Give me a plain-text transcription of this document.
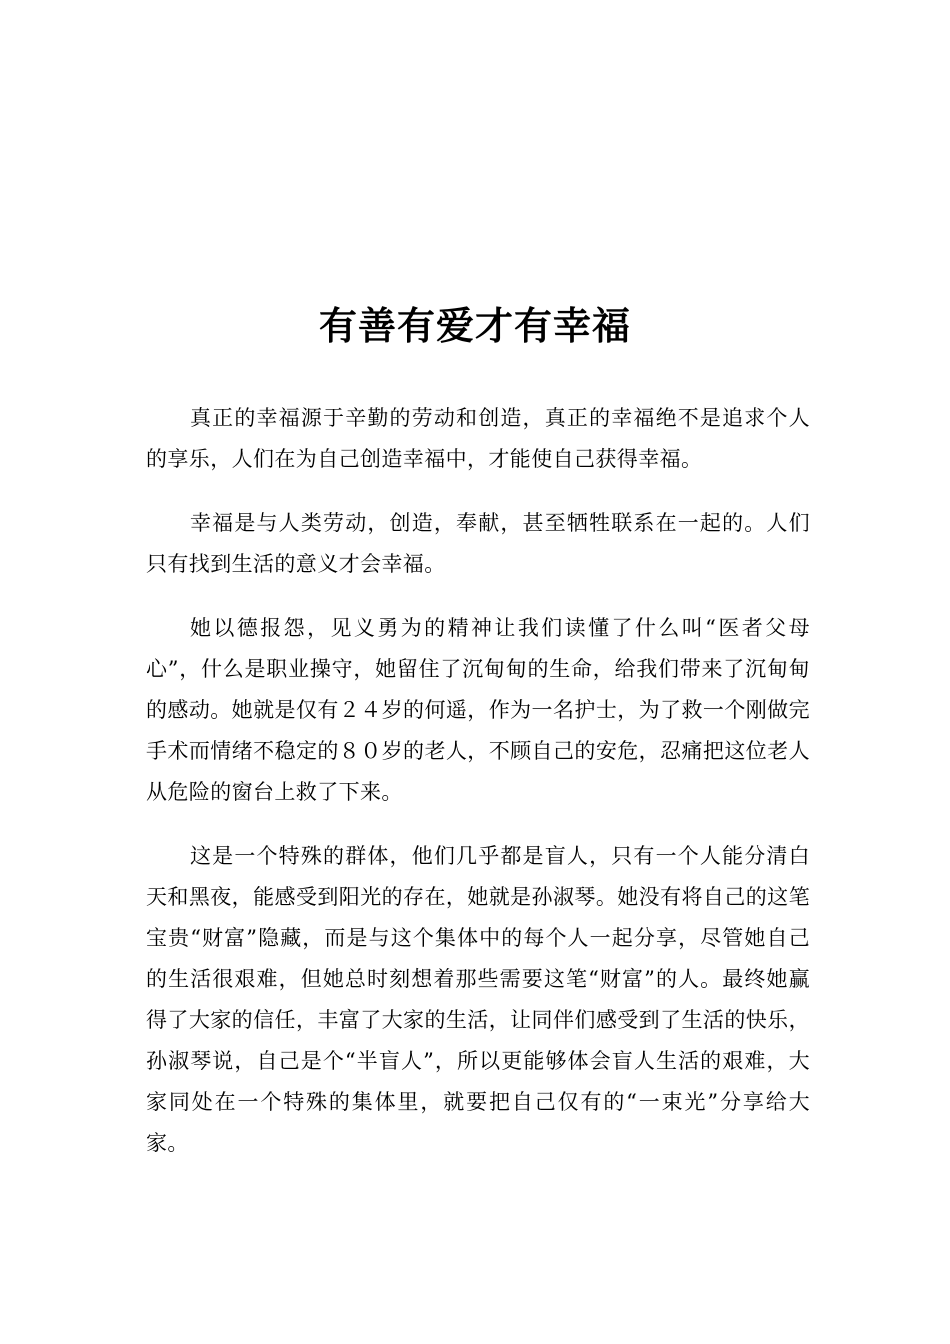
有善有爱才有幸福

真正的幸福源于辛勤的劳动和创造，真正的幸福绝不是追求个人的享乐，人们在为自己创造幸福中，才能使自己获得幸福。

幸福是与人类劳动，创造，奉献，甚至牺牲联系在一起的。人们只有找到生活的意义才会幸福。

她以德报怨，见义勇为的精神让我们读懂了什么叫“医者父母心”，什么是职业操守，她留住了沉甸甸的生命，给我们带来了沉甸甸的感动。她就是仅有２４岁的何遥，作为一名护士，为了救一个刚做完手术而情绪不稳定的８０岁的老人，不顾自己的安危，忍痛把这位老人从危险的窗台上救了下来。

这是一个特殊的群体，他们几乎都是盲人，只有一个人能分清白天和黑夜，能感受到阳光的存在，她就是孙淑琴。她没有将自己的这笔宝贵“财富”隐藏，而是与这个集体中的每个人一起分享，尽管她自己的生活很艰难，但她总时刻想着那些需要这笔“财富”的人。最终她赢得了大家的信任，丰富了大家的生活，让同伴们感受到了生活的快乐，孙淑琴说，自己是个“半盲人”，所以更能够体会盲人生活的艰难，大家同处在一个特殊的集体里，就要把自己仅有的“一束光”分享给大家。
